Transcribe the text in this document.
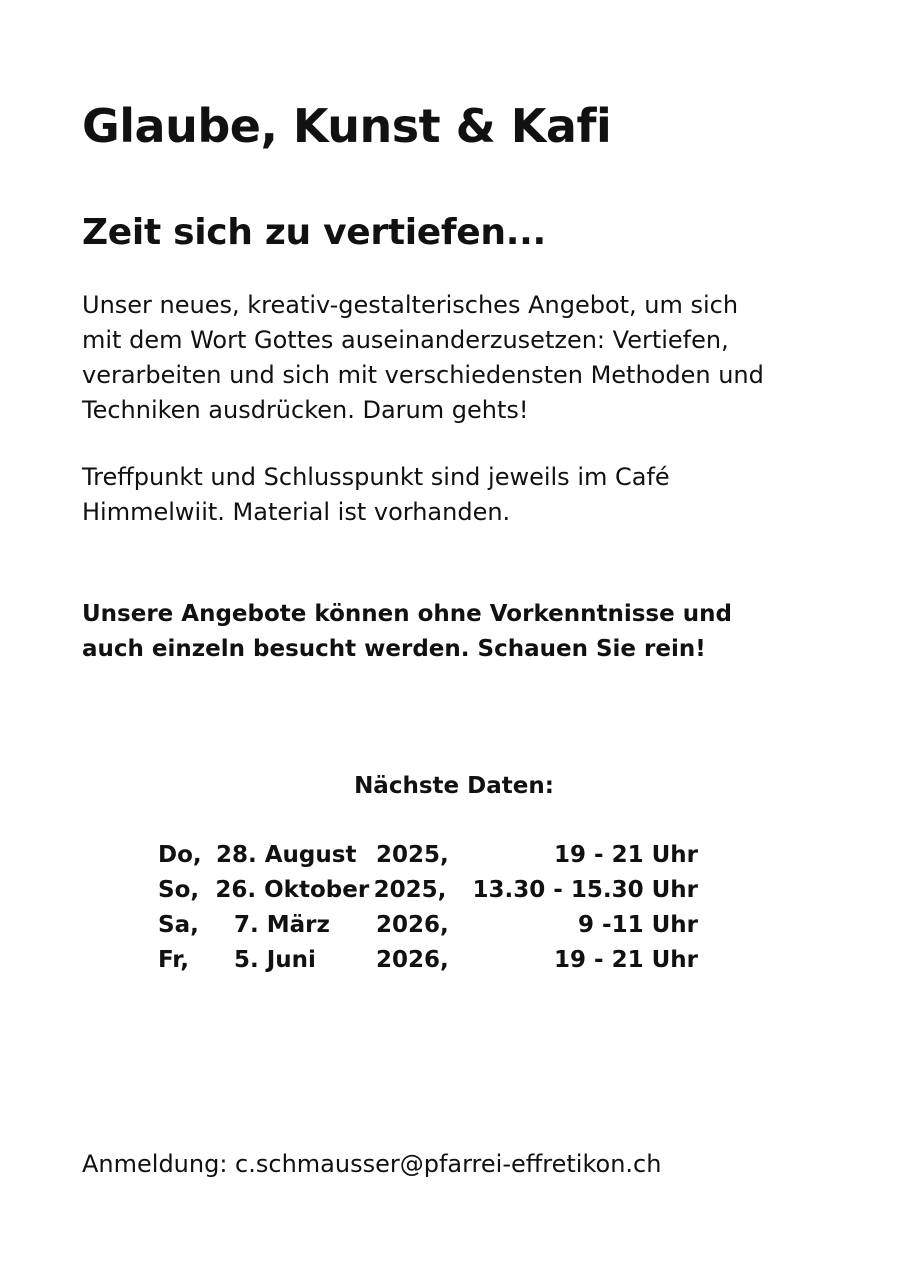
Glaube, Kunst & Kafi
Zeit sich zu vertiefen...

Unser neues, kreativ-gestalterisches Angebot, um sich
mit dem Wort Gottes auseinanderzusetzen: Vertiefen,
verarbeiten und sich mit verschiedensten Methoden und
Techniken ausdrücken. Darum gehts!

Treffpunkt und Schlusspunkt sind jeweils im Café
Himmelwiit. Material ist vorhanden.

Unsere Angebote können ohne Vorkenntnisse und
auch einzeln besucht werden. Schauen Sie rein!

Nächste Daten:
Do, 28. August 2025,	19 - 21 Uhr
So, 26. Oktober 2025,	13.30 - 15.30 Uhr
Sa,	7. März	2026,	9 -11 Uhr
Fr,	5. Juni	2026,	19 - 21 Uhr

Anmeldung: c.schmausser@pfarrei-effretikon.ch
